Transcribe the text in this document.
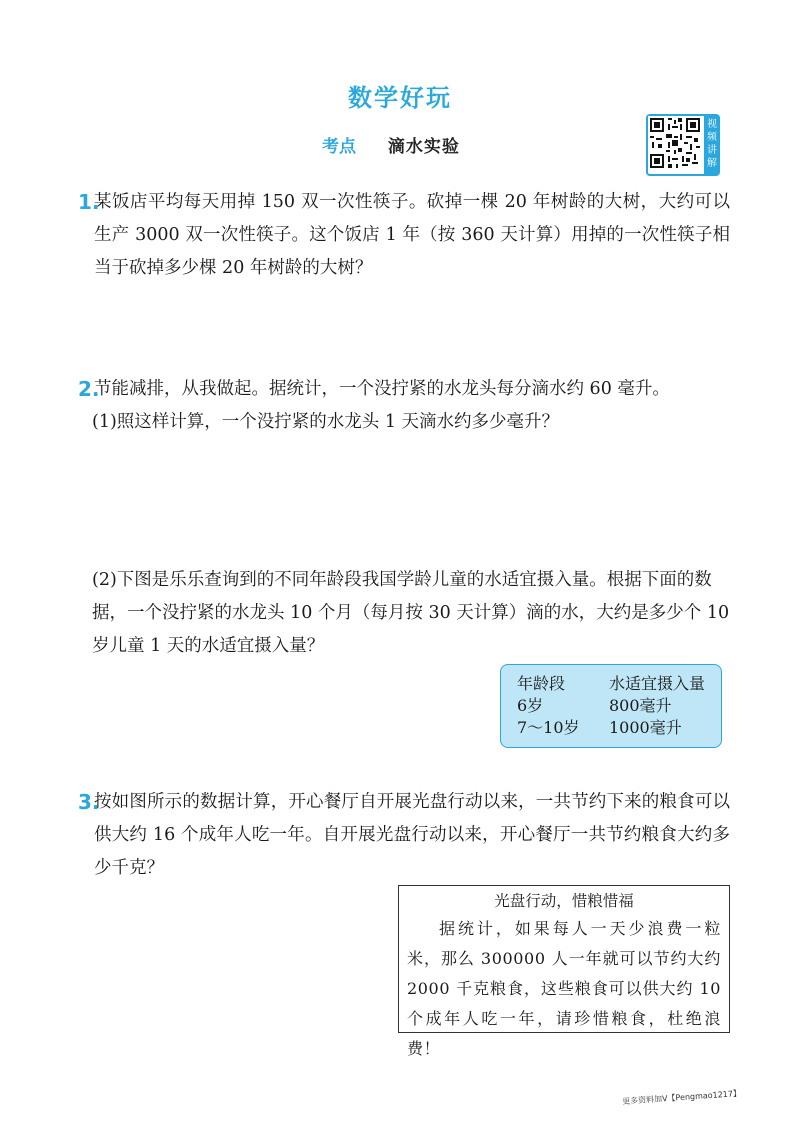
数学好玩
考点 滴水实验
视频讲解
1.
某饭店平均每天用掉 150 双一次性筷子。砍掉一棵 20 年树龄的大树，大约可以生产 3000 双一次性筷子。这个饭店 1 年（按 360 天计算）用掉的一次性筷子相当于砍掉多少棵 20 年树龄的大树？
2.
节能减排，从我做起。据统计，一个没拧紧的水龙头每分滴水约 60 毫升。
(1)照这样计算，一个没拧紧的水龙头 1 天滴水约多少毫升？
(2)下图是乐乐查询到的不同年龄段我国学龄儿童的水适宜摄入量。根据下面的数据，一个没拧紧的水龙头 10 个月（每月按 30 天计算）滴的水，大约是多少个 10 岁儿童 1 天的水适宜摄入量？
年龄段	水适宜摄入量
6岁	800毫升
7～10岁	1000毫升
3.
按如图所示的数据计算，开心餐厅自开展光盘行动以来，一共节约下来的粮食可以供大约 16 个成年人吃一年。自开展光盘行动以来，开心餐厅一共节约粮食大约多少千克？
光盘行动，惜粮惜福
据统计，如果每人一天少浪费一粒米，那么 300000 人一年就可以节约大约 2000 千克粮食，这些粮食可以供大约 10 个成年人吃一年，请珍惜粮食，杜绝浪费！
更多资料加V【Pengmao1217】
